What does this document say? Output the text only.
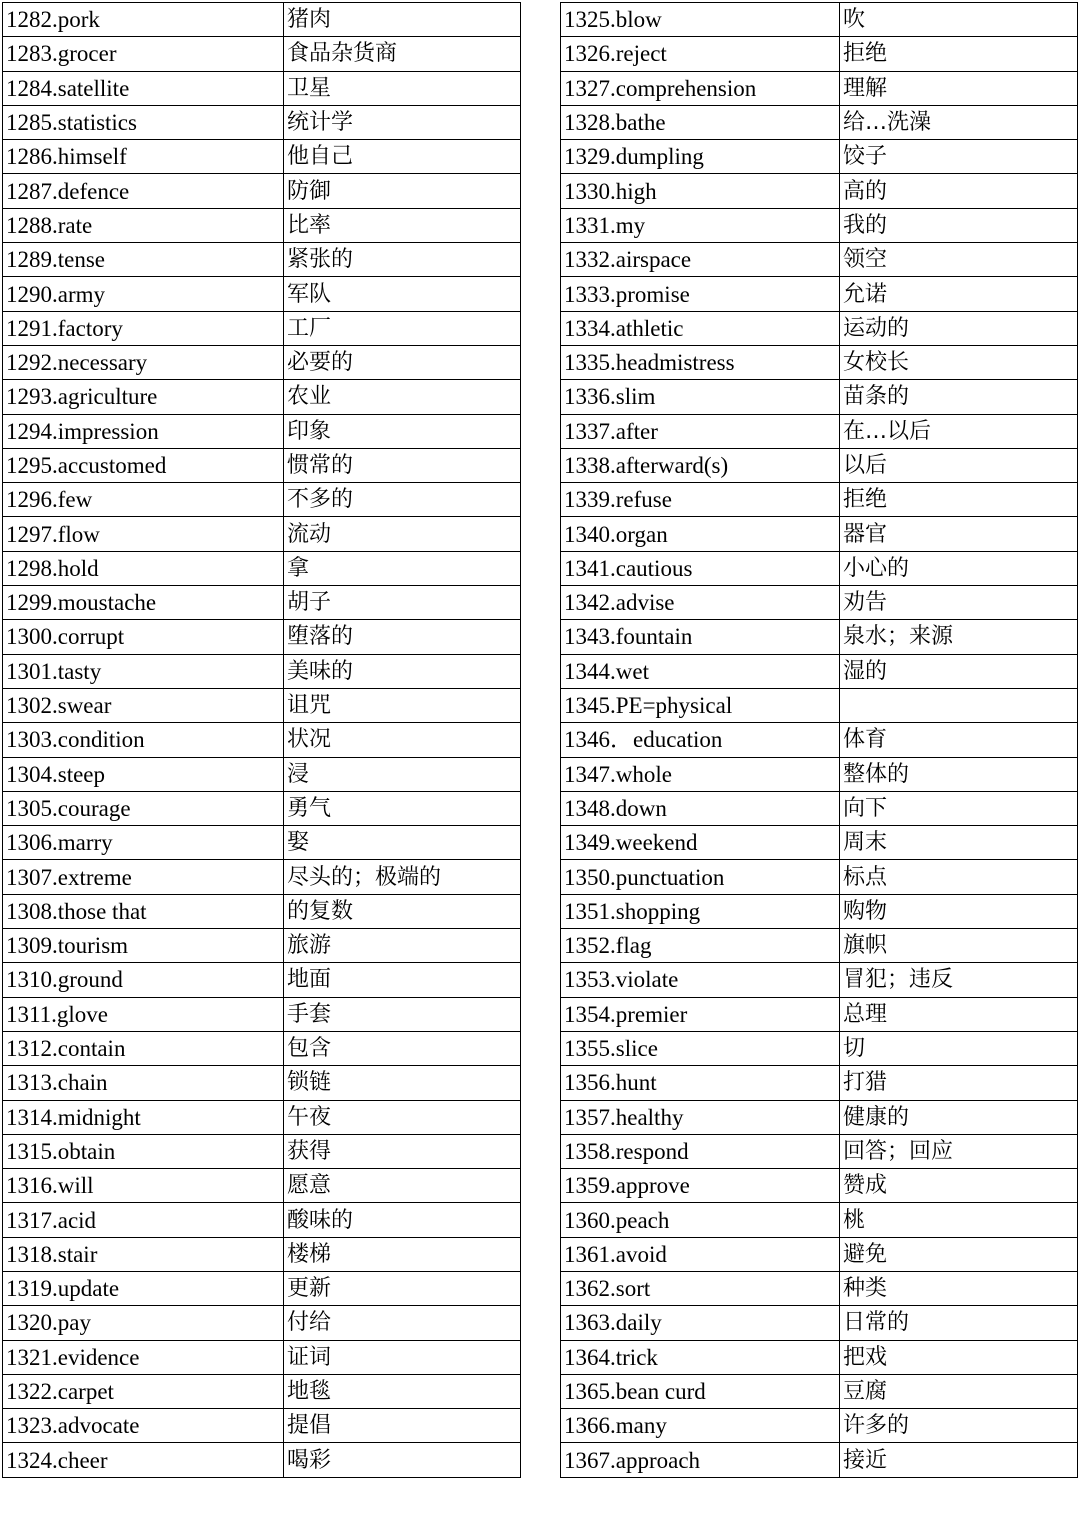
1282.pork	猪肉
1283.grocer	食品杂货商
1284.satellite	卫星
1285.statistics	统计学
1286.himself	他自己
1287.defence	防御
1288.rate	比率
1289.tense	紧张的
1290.army	军队
1291.factory	工厂
1292.necessary	必要的
1293.agriculture	农业
1294.impression	印象
1295.accustomed	惯常的
1296.few	不多的
1297.flow	流动
1298.hold	拿
1299.moustache	胡子
1300.corrupt	堕落的
1301.tasty	美味的
1302.swear	诅咒
1303.condition	状况
1304.steep	浸
1305.courage	勇气
1306.marry	娶
1307.extreme	尽头的；极端的
1308.those that	的复数
1309.tourism	旅游
1310.ground	地面
1311.glove	手套
1312.contain	包含
1313.chain	锁链
1314.midnight	午夜
1315.obtain	获得
1316.will	愿意
1317.acid	酸味的
1318.stair	楼梯
1319.update	更新
1320.pay	付给
1321.evidence	证词
1322.carpet	地毯
1323.advocate	提倡
1324.cheer	喝彩
1325.blow	吹
1326.reject	拒绝
1327.comprehension	理解
1328.bathe	给…洗澡
1329.dumpling	饺子
1330.high	高的
1331.my	我的
1332.airspace	领空
1333.promise	允诺
1334.athletic	运动的
1335.headmistress	女校长
1336.slim	苗条的
1337.after	在…以后
1338.afterward(s)	以后
1339.refuse	拒绝
1340.organ	器官
1341.cautious	小心的
1342.advise	劝告
1343.fountain	泉水；来源
1344.wet	湿的
1345.PE=physical	
1346．education	体育
1347.whole	整体的
1348.down	向下
1349.weekend	周末
1350.punctuation	标点
1351.shopping	购物
1352.flag	旗帜
1353.violate	冒犯；违反
1354.premier	总理
1355.slice	切
1356.hunt	打猎
1357.healthy	健康的
1358.respond	回答；回应
1359.approve	赞成
1360.peach	桃
1361.avoid	避免
1362.sort	种类
1363.daily	日常的
1364.trick	把戏
1365.bean curd	豆腐
1366.many	许多的
1367.approach	接近
